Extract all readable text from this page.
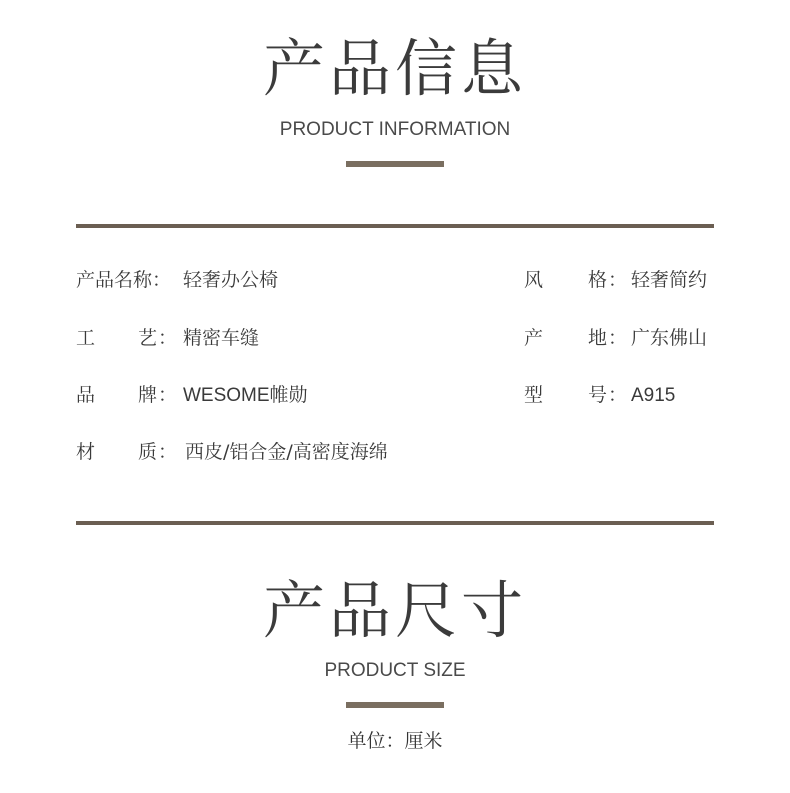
产品信息
PRODUCT INFORMATION
产品名称： 轻奢办公椅
工 艺 ： 精密车缝
品 牌 ： WESOME帷勋
材 质 ： 西皮/铝合金/高密度海绵
风 格 ： 轻奢简约
产 地 ： 广东佛山
型 号 ： A915
产品尺寸
PRODUCT SIZE
单位：厘米
